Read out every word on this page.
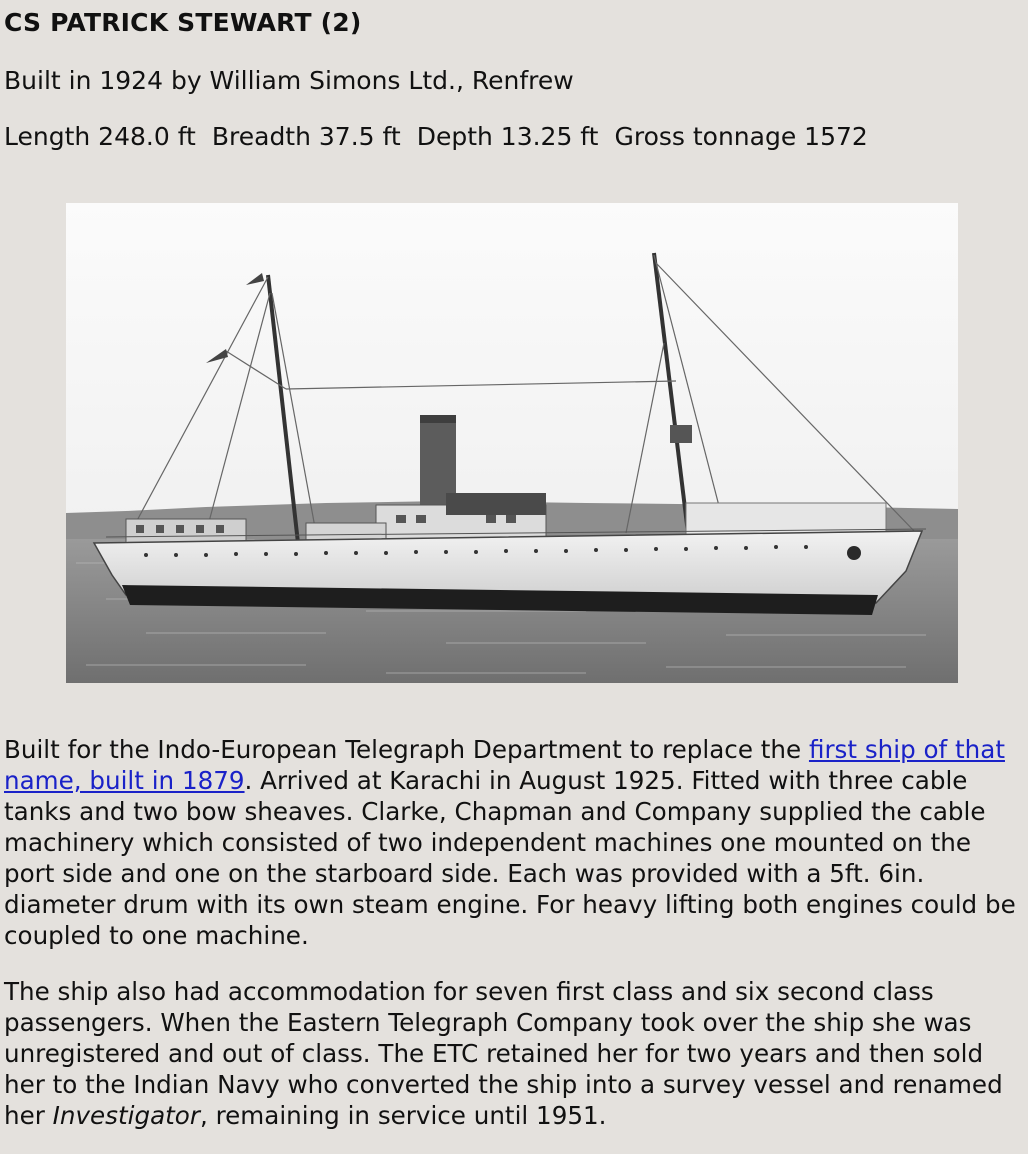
CS PATRICK STEWART (2)

Built in 1924 by William Simons Ltd., Renfrew

Length 248.0 ft Breadth 37.5 ft Depth 13.25 ft Gross tonnage 1572

Built for the Indo-European Telegraph Department to replace the first ship of that name, built in 1879. Arrived at Karachi in August 1925. Fitted with three cable tanks and two bow sheaves. Clarke, Chapman and Company supplied the cable machinery which consisted of two independent machines one mounted on the port side and one on the starboard side. Each was provided with a 5ft. 6in. diameter drum with its own steam engine. For heavy lifting both engines could be coupled to one machine.

The ship also had accommodation for seven first class and six second class passengers. When the Eastern Telegraph Company took over the ship she was unregistered and out of class. The ETC retained her for two years and then sold her to the Indian Navy who converted the ship into a survey vessel and renamed her Investigator, remaining in service until 1951.
